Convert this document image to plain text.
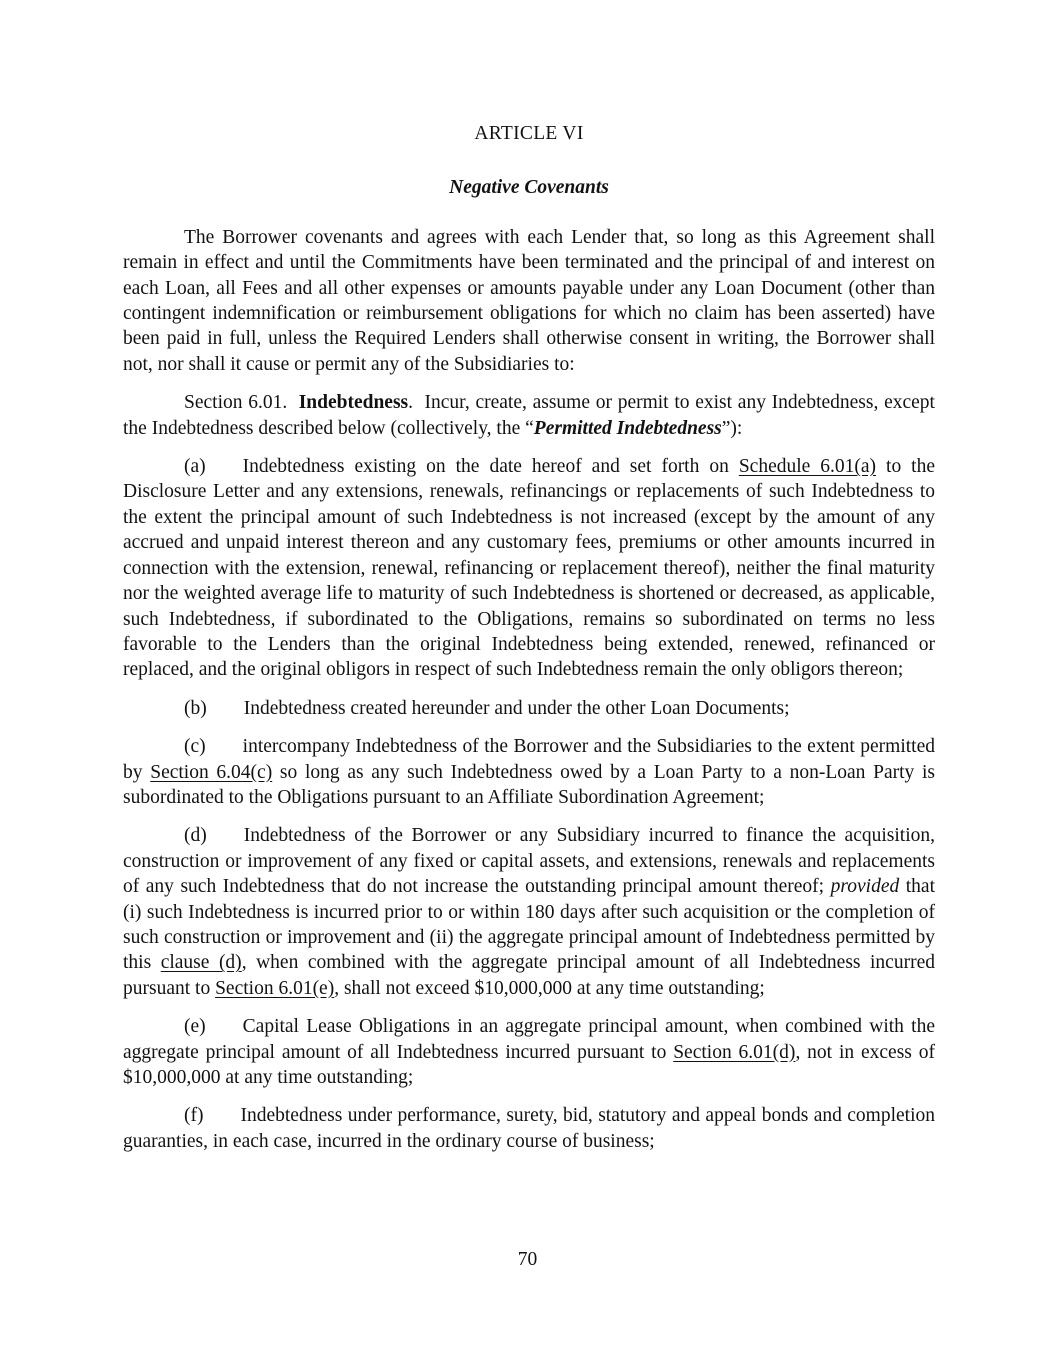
ARTICLE VI
Negative Covenants

The Borrower covenants and agrees with each Lender that, so long as this Agreement shall remain in effect and until the Commitments have been terminated and the principal of and interest on each Loan, all Fees and all other expenses or amounts payable under any Loan Document (other than contingent indemnification or reimbursement obligations for which no claim has been asserted) have been paid in full, unless the Required Lenders shall otherwise consent in writing, the Borrower shall not, nor shall it cause or permit any of the Subsidiaries to:

Section 6.01.  Indebtedness.  Incur, create, assume or permit to exist any Indebtedness, except the Indebtedness described below (collectively, the “Permitted Indebtedness”):

(a) Indebtedness existing on the date hereof and set forth on Schedule 6.01(a) to the Disclosure Letter and any extensions, renewals, refinancings or replacements of such Indebtedness to the extent the principal amount of such Indebtedness is not increased (except by the amount of any accrued and unpaid interest thereon and any customary fees, premiums or other amounts incurred in connection with the extension, renewal, refinancing or replacement thereof), neither the final maturity nor the weighted average life to maturity of such Indebtedness is shortened or decreased, as applicable, such Indebtedness, if subordinated to the Obligations, remains so subordinated on terms no less favorable to the Lenders than the original Indebtedness being extended, renewed, refinanced or replaced, and the original obligors in respect of such Indebtedness remain the only obligors thereon;

(b) Indebtedness created hereunder and under the other Loan Documents;

(c) intercompany Indebtedness of the Borrower and the Subsidiaries to the extent permitted by Section 6.04(c) so long as any such Indebtedness owed by a Loan Party to a non-Loan Party is subordinated to the Obligations pursuant to an Affiliate Subordination Agreement;

(d) Indebtedness of the Borrower or any Subsidiary incurred to finance the acquisition, construction or improvement of any fixed or capital assets, and extensions, renewals and replacements of any such Indebtedness that do not increase the outstanding principal amount thereof; provided that (i) such Indebtedness is incurred prior to or within 180 days after such acquisition or the completion of such construction or improvement and (ii) the aggregate principal amount of Indebtedness permitted by this clause (d), when combined with the aggregate principal amount of all Indebtedness incurred pursuant to Section 6.01(e), shall not exceed $10,000,000 at any time outstanding;

(e) Capital Lease Obligations in an aggregate principal amount, when combined with the aggregate principal amount of all Indebtedness incurred pursuant to Section 6.01(d), not in excess of $10,000,000 at any time outstanding;

(f) Indebtedness under performance, surety, bid, statutory and appeal bonds and completion guaranties, in each case, incurred in the ordinary course of business;

70
